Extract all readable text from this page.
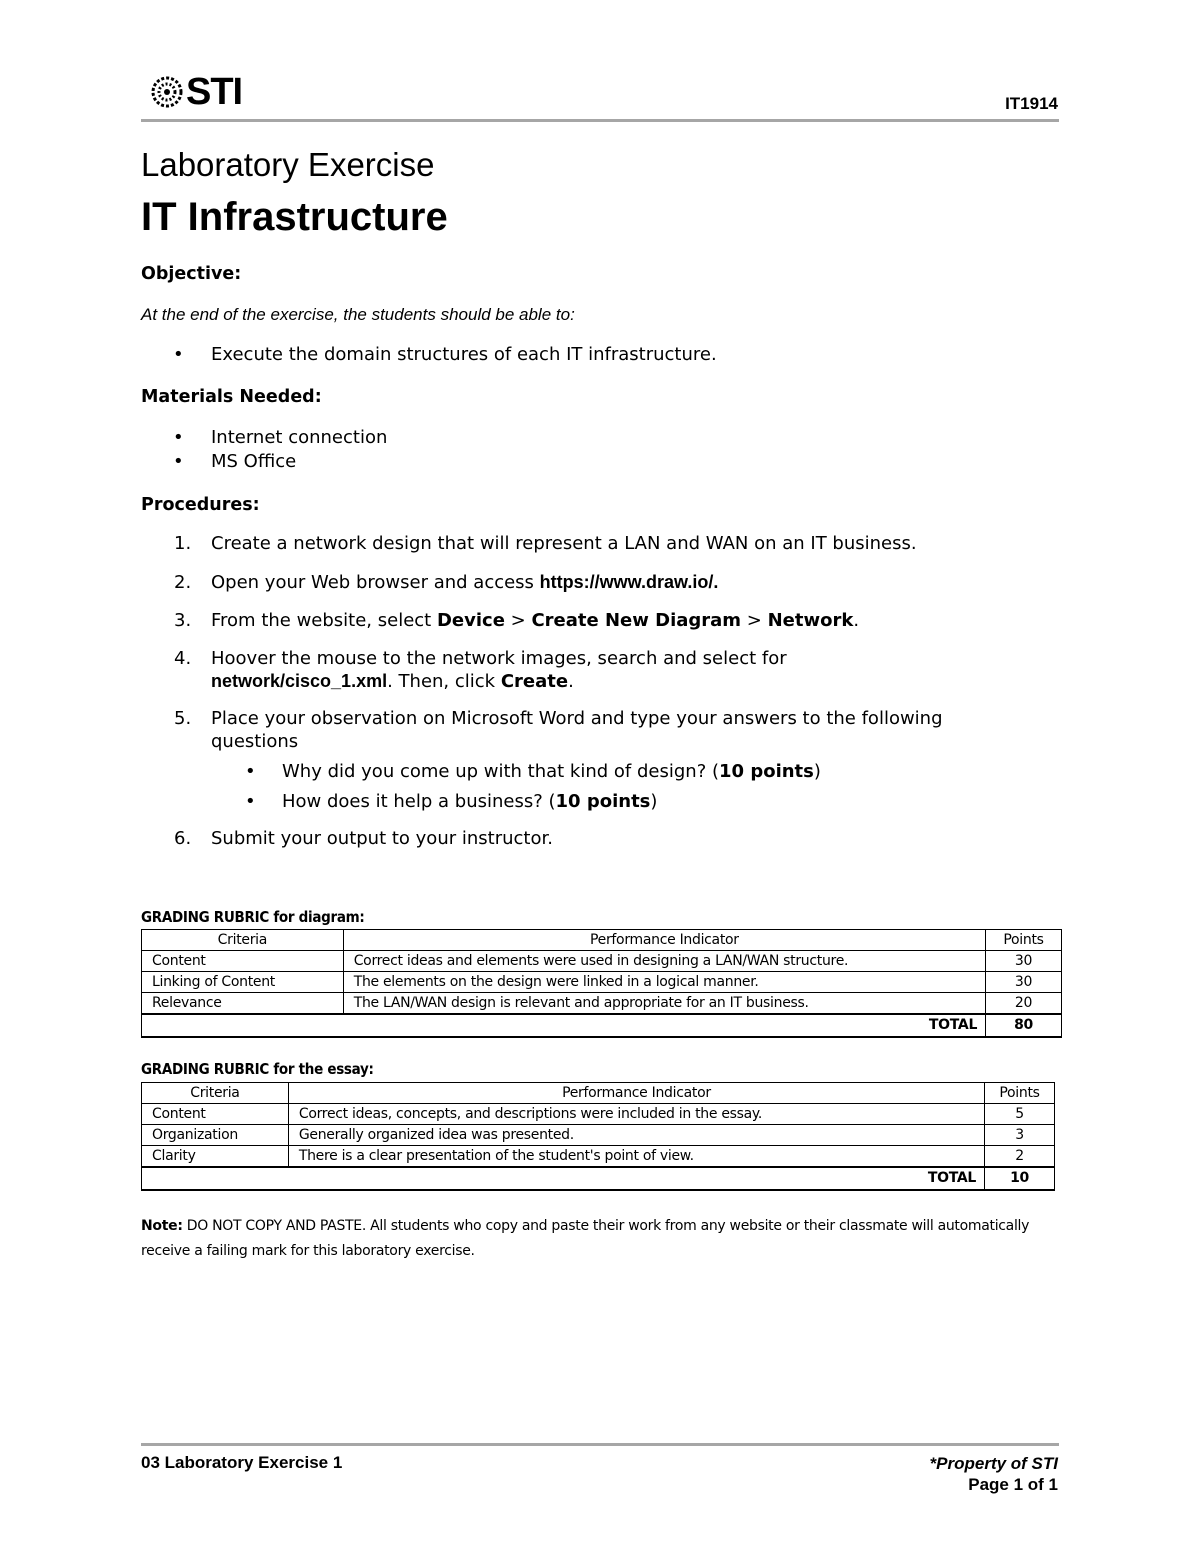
STI	IT1914
Laboratory Exercise
IT Infrastructure
Objective:
At the end of the exercise, the students should be able to:
• Execute the domain structures of each IT infrastructure.
Materials Needed:
• Internet connection
• MS Office
Procedures:
1.	Create a network design that will represent a LAN and WAN on an IT business.
2.	Open your Web browser and access https://www.draw.io/.
3.	From the website, select Device > Create New Diagram > Network.
4.	Hoover the mouse to the network images, search and select for
network/cisco_1.xml. Then, click Create.
5.	Place your observation on Microsoft Word and type your answers to the following
questions
•	Why did you come up with that kind of design? (10 points)
•	How does it help a business? (10 points)
6.	Submit your output to your instructor.
GRADING RUBRIC for diagram:
Criteria	Performance Indicator	Points
Content	Correct ideas and elements were used in designing a LAN/WAN structure.	30
Linking of Content	The elements on the design were linked in a logical manner.	30
Relevance	The LAN/WAN design is relevant and appropriate for an IT business.	20
TOTAL		80
GRADING RUBRIC for the essay:
Criteria	Performance Indicator	Points
Content	Correct ideas, concepts, and descriptions were included in the essay.	5
Organization	Generally organized idea was presented.	3
Clarity	There is a clear presentation of the student's point of view.	2
TOTAL		10
Note: DO NOT COPY AND PASTE. All students who copy and paste their work from any website or their classmate will automatically receive a failing mark for this laboratory exercise.
03 Laboratory Exercise 1	*Property of STI
Page 1 of 1
